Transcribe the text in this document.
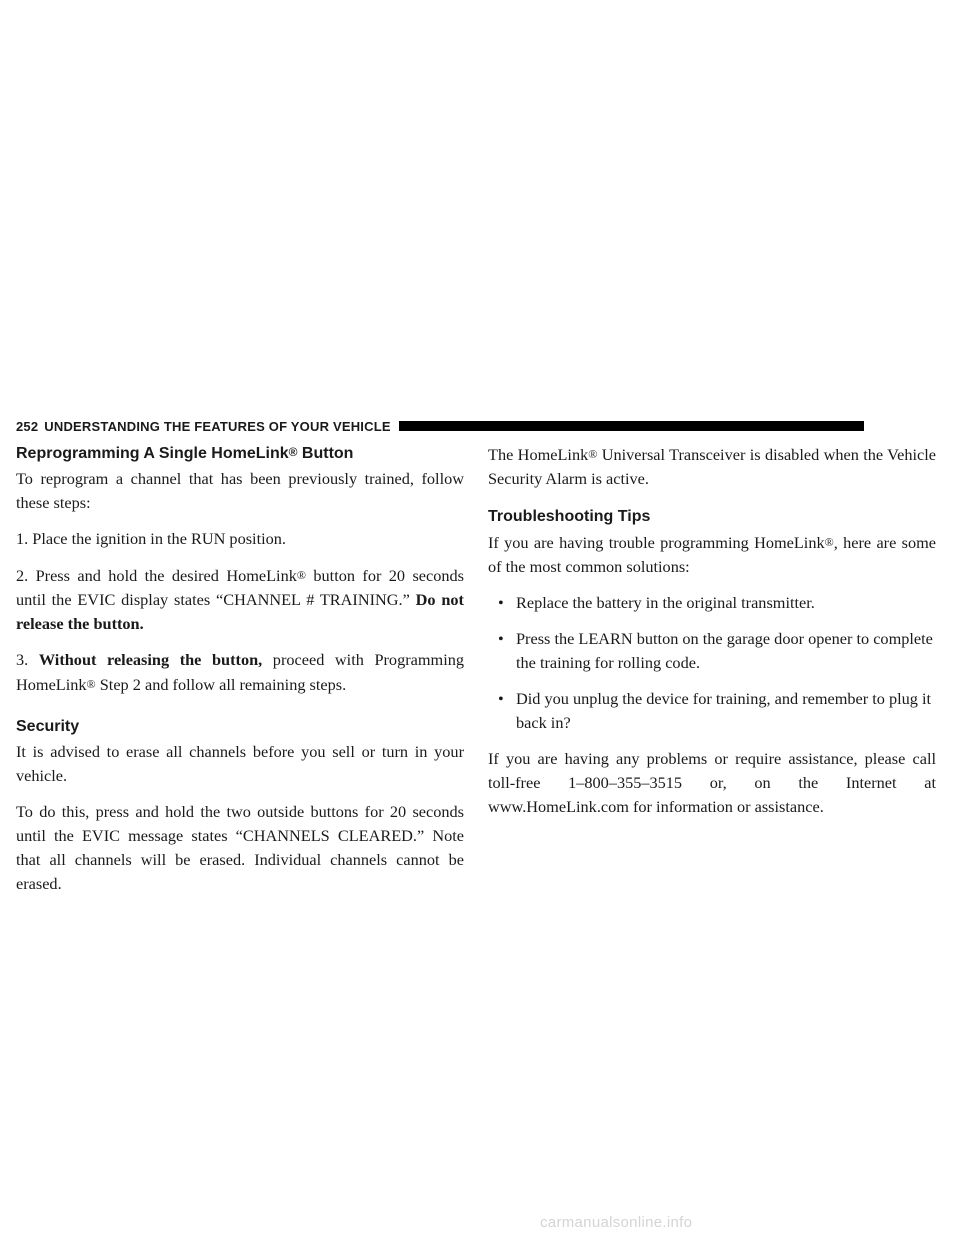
252 UNDERSTANDING THE FEATURES OF YOUR VEHICLE
Reprogramming A Single HomeLink® Button

To reprogram a channel that has been previously trained, follow these steps:

1. Place the ignition in the RUN position.

2. Press and hold the desired HomeLink® button for 20 seconds until the EVIC display states “CHANNEL # TRAINING.” Do not release the button.

3. Without releasing the button, proceed with Programming HomeLink® Step 2 and follow all remaining steps.

Security

It is advised to erase all channels before you sell or turn in your vehicle.

To do this, press and hold the two outside buttons for 20 seconds until the EVIC message states “CHANNELS CLEARED.” Note that all channels will be erased. Individual channels cannot be erased.

The HomeLink® Universal Transceiver is disabled when the Vehicle Security Alarm is active.

Troubleshooting Tips

If you are having trouble programming HomeLink®, here are some of the most common solutions:

• Replace the battery in the original transmitter.
• Press the LEARN button on the garage door opener to complete the training for rolling code.
• Did you unplug the device for training, and remember to plug it back in?

If you are having any problems or require assistance, please call toll-free 1–800–355–3515 or, on the Internet at www.HomeLink.com for information or assistance.

carmanualsonline.info
